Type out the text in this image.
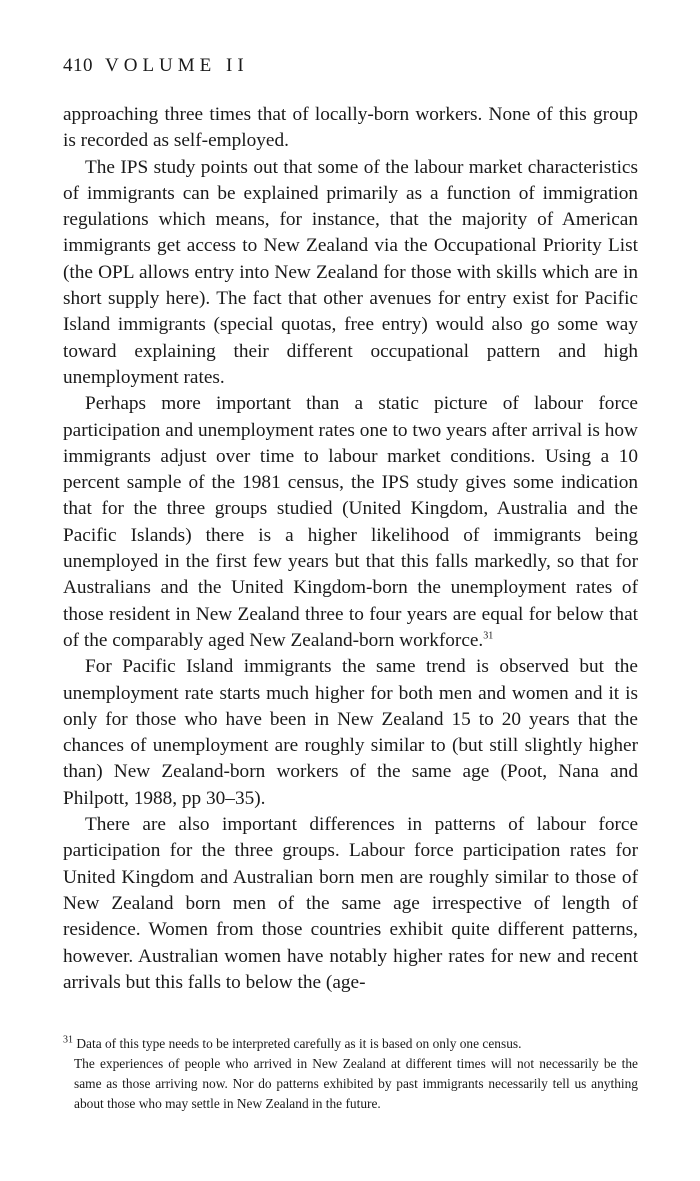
410 VOLUME II

approaching three times that of locally-born workers. None of this group is recorded as self-employed.

The IPS study points out that some of the labour market characteristics of immigrants can be explained primarily as a function of immigration regulations which means, for instance, that the majority of American immigrants get access to New Zealand via the Occupational Priority List (the OPL allows entry into New Zealand for those with skills which are in short supply here). The fact that other avenues for entry exist for Pacific Island immigrants (special quotas, free entry) would also go some way toward explaining their different occupational pattern and high unemployment rates.

Perhaps more important than a static picture of labour force participation and unemployment rates one to two years after arrival is how immigrants adjust over time to labour market conditions. Using a 10 percent sample of the 1981 census, the IPS study gives some indication that for the three groups studied (United Kingdom, Australia and the Pacific Islands) there is a higher likelihood of immigrants being unemployed in the first few years but that this falls markedly, so that for Australians and the United Kingdom-born the unemployment rates of those resident in New Zealand three to four years are equal for below that of the comparably aged New Zealand-born workforce.$^{31}$

For Pacific Island immigrants the same trend is observed but the unemployment rate starts much higher for both men and women and it is only for those who have been in New Zealand 15 to 20 years that the chances of unemployment are roughly similar to (but still slightly higher than) New Zealand-born workers of the same age (Poot, Nana and Philpott, 1988, pp 30–35).

There are also important differences in patterns of labour force participation for the three groups. Labour force participation rates for United Kingdom and Australian born men are roughly similar to those of New Zealand born men of the same age irrespective of length of residence. Women from those countries exhibit quite different patterns, however. Australian women have notably higher rates for new and recent arrivals but this falls to below the (age-

$^{31}$ Data of this type needs to be interpreted carefully as it is based on only one census.
The experiences of people who arrived in New Zealand at different times will not necessarily be the same as those arriving now. Nor do patterns exhibited by past immigrants necessarily tell us anything about those who may settle in New Zealand in the future.
